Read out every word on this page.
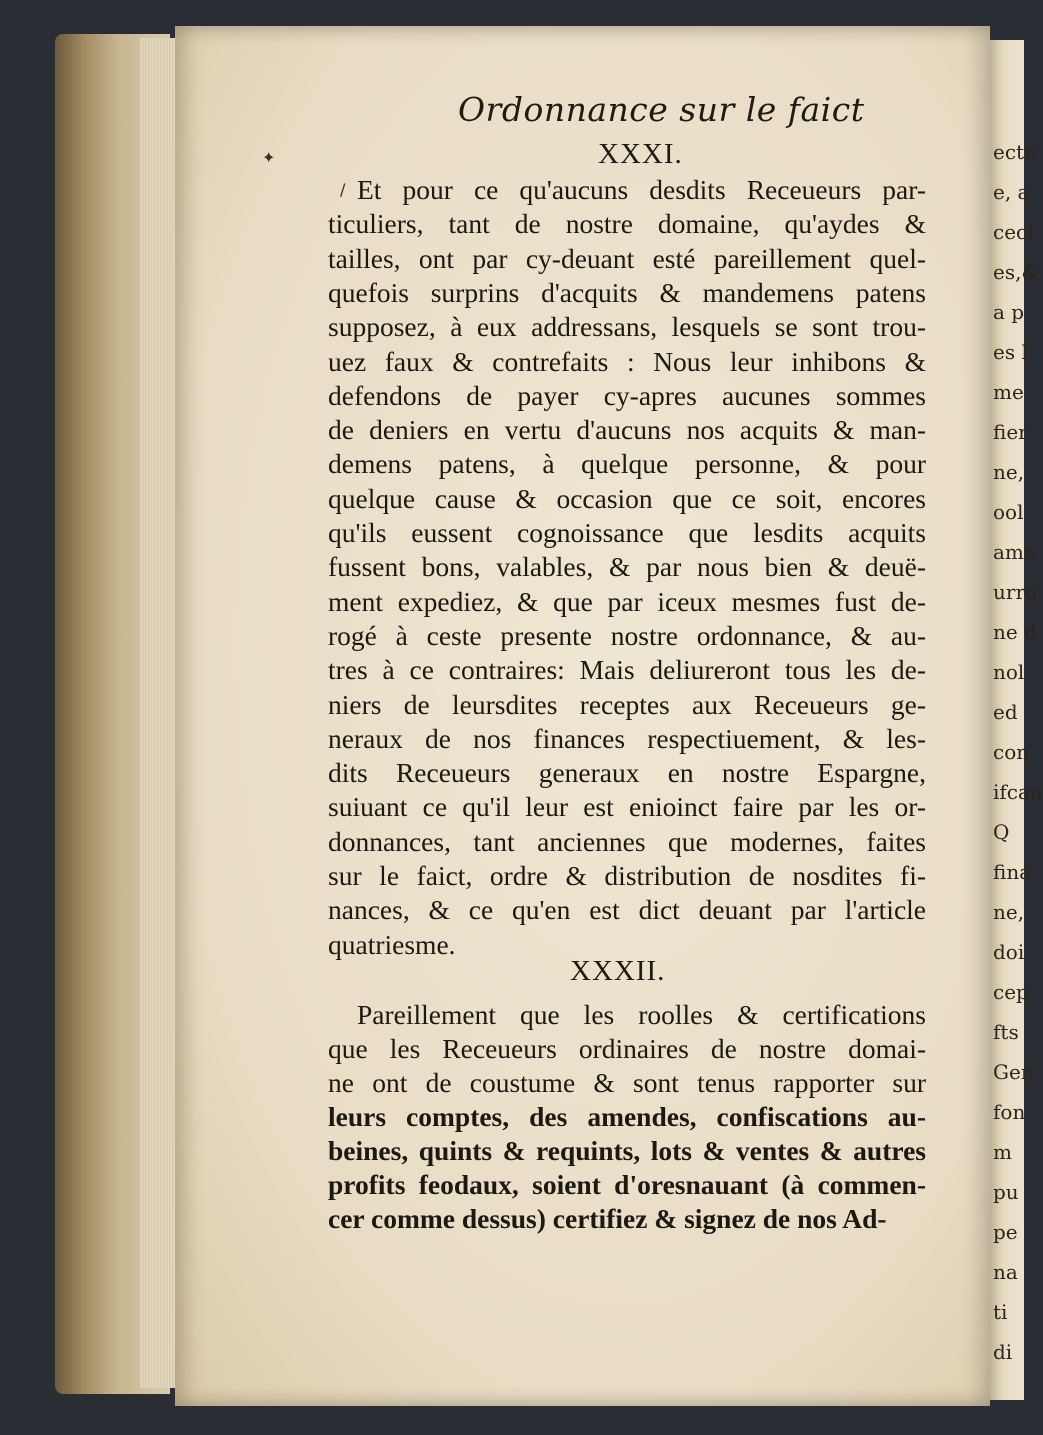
ecte
e, a
cecl
es,&
a p
es l
me
fier
ne,
ool
ame
urro
ne d
nol
ed
con
ifcan
Q
fina
ne,
doi
cep
fts
Gen
fon
m
pu
pe
na
ti
di
Ordonnance sur le faict
XXXI.
Et pour ce qu'aucuns desdits Receueurs par-
ticuliers, tant de nostre domaine, qu'aydes &
tailles, ont par cy-deuant esté pareillement quel-
quefois surprins d'acquits & mandemens patens
supposez, à eux addressans, lesquels se sont trou-
uez faux & contrefaits : Nous leur inhibons &
defendons de payer cy-apres aucunes sommes
de deniers en vertu d'aucuns nos acquits & man-
demens patens, à quelque personne, & pour
quelque cause & occasion que ce soit, encores
qu'ils eussent cognoissance que lesdits acquits
fussent bons, valables, & par nous bien & deuë-
ment expediez, & que par iceux mesmes fust de-
rogé à ceste presente nostre ordonnance, & au-
tres à ce contraires: Mais deliureront tous les de-
niers de leursdites receptes aux Receueurs ge-
neraux de nos finances respectiuement, & les-
dits Receueurs generaux en nostre Espargne,
suiuant ce qu'il leur est enioinct faire par les or-
donnances, tant anciennes que modernes, faites
sur le faict, ordre & distribution de nosdites fi-
nances, & ce qu'en est dict deuant par l'article
quatriesme.
XXXII.
Pareillement que les roolles & certifications
que les Receueurs ordinaires de nostre domai-
ne ont de coustume & sont tenus rapporter sur
leurs comptes, des amendes, confiscations au-
beines, quints & requints, lots & ventes & autres
profits feodaux, soient d'oresnauant (à commen-
cer comme dessus) certifiez & signez de nos Ad-
✦
/
